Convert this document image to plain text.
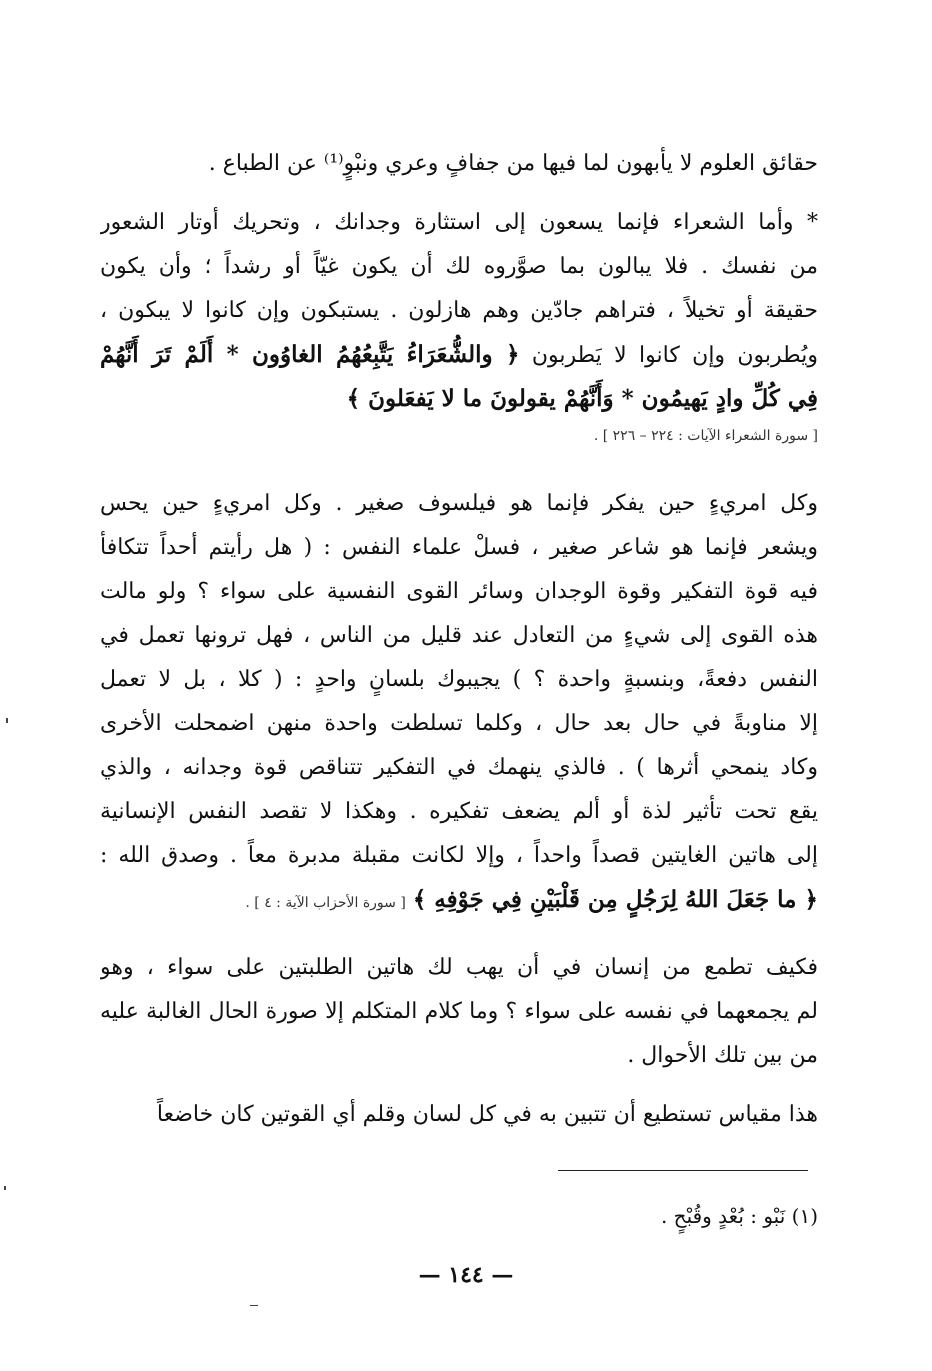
حقائق العلوم لا يأبهون لما فيها من جفافٍ وعري ونبْوٍ⁽¹⁾ عن الطباع .
* وأما الشعراء فإنما يسعون إلى استثارة وجدانك ، وتحريك أوتار الشعور
من نفسك . فلا يبالون بما صوَّروه لك أن يكون غيّاً أو رشداً ؛ وأن يكون
حقيقة أو تخيلاً ، فتراهم جادّين وهم هازلون . يستبكون وإن كانوا لا يبكون ،
ويُطربون وإن كانوا لا يَطربون ﴿ والشُّعَرَاءُ يَتَّبِعُهُمُ الغاوُون * أَلَمْ تَرَ أَنَّهُمْ
فِي كُلِّ وادٍ يَهيمُون * وَأَنَّهُمْ يقولونَ ما لا يَفعَلونَ ﴾
[ سورة الشعراء الآيات : ٢٢٤ – ٢٢٦ ] .
وكل امريءٍ حين يفكر فإنما هو فيلسوف صغير . وكل امريءٍ حين يحس
ويشعر فإنما هو شاعر صغير ، فسلْ علماء النفس : ( هل رأيتم أحداً تتكافأ
فيه قوة التفكير وقوة الوجدان وسائر القوى النفسية على سواء ؟ ولو مالت
هذه القوى إلى شيءٍ من التعادل عند قليل من الناس ، فهل ترونها تعمل في
النفس دفعةً، وبنسبةٍ واحدة ؟ ) يجيبوك بلسانٍ واحدٍ : ( كلا ، بل لا تعمل
إلا مناوبةً في حال بعد حال ، وكلما تسلطت واحدة منهن اضمحلت الأخرى
وكاد ينمحي أثرها ) . فالذي ينهمك في التفكير تتناقص قوة وجدانه ، والذي
يقع تحت تأثير لذة أو ألم يضعف تفكيره . وهكذا لا تقصد النفس الإنسانية
إلى هاتين الغايتين قصداً واحداً ، وإلا لكانت مقبلة مدبرة معاً . وصدق الله :
﴿ ما جَعَلَ اللهُ لِرَجُلٍ مِن قَلْبَيْنِ فِي جَوْفِهِ ﴾ [ سورة الأحزاب الآية : ٤ ] .
فكيف تطمع من إنسان في أن يهب لك هاتين الطلبتين على سواء ، وهو
لم يجمعهما في نفسه على سواء ؟ وما كلام المتكلم إلا صورة الحال الغالبة عليه
من بين تلك الأحوال .
هذا مقياس تستطيع أن تتبين به في كل لسان وقلم أي القوتين كان خاضعاً
(١) نَبْو : بُعْدٍ وقُبْحٍ .
— ١٤٤ —
